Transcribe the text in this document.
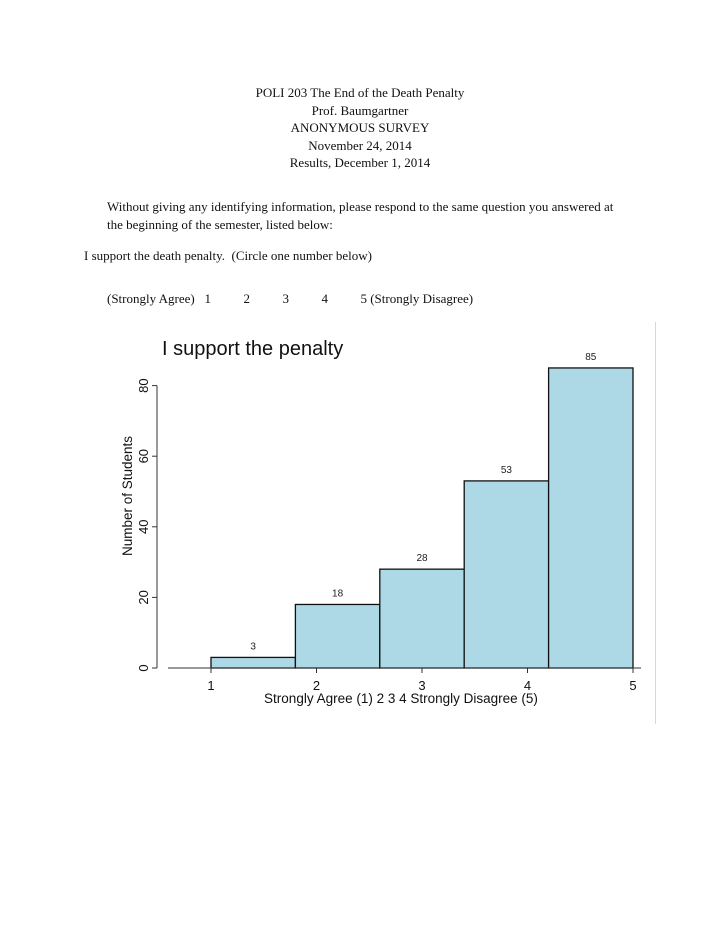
POLI 203 The End of the Death Penalty
Prof. Baumgartner
ANONYMOUS SURVEY
November 24, 2014
Results, December 1, 2014
Without giving any identifying information, please respond to the same question you answered at the beginning of the semester, listed below:
I support the death penalty.  (Circle one number below)
(Strongly Agree)   1          2          3          4          5 (Strongly Disagree)
I support the penalty
Number of Students
Strongly Agree (1) 2 3 4 Strongly Disagree (5)
3
18
28
53
85
1	2	3	4	5
0
20
40
60
80
